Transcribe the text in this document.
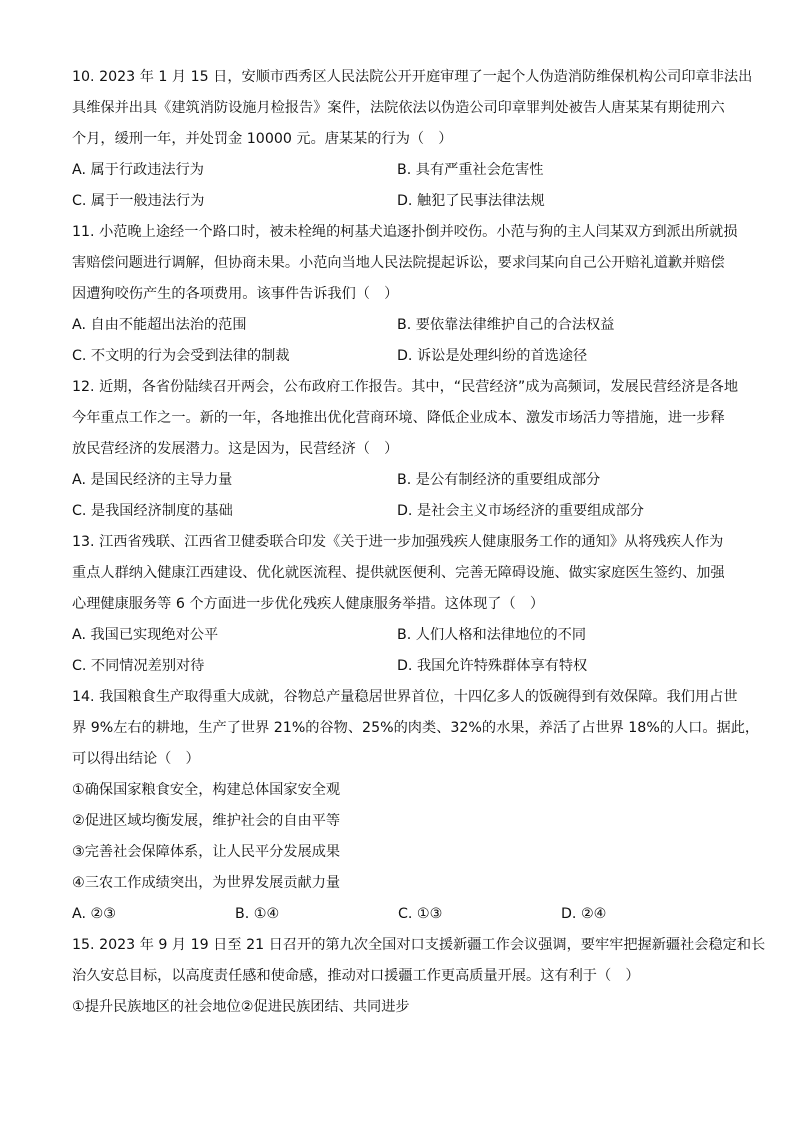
10. 2023 年 1 月 15 日，安顺市西秀区人民法院公开开庭审理了一起个人伪造消防维保机构公司印章非法出
具维保并出具《建筑消防设施月检报告》案件，法院依法以伪造公司印章罪判处被告人唐某某有期徒刑六
个月，缓刑一年，并处罚金 10000 元。唐某某的行为（　）
A. 属于行政违法行为	B. 具有严重社会危害性
C. 属于一般违法行为	D. 触犯了民事法律法规
11. 小范晚上途经一个路口时，被未栓绳的柯基犬追逐扑倒并咬伤。小范与狗的主人闫某双方到派出所就损
害赔偿问题进行调解，但协商未果。小范向当地人民法院提起诉讼，要求闫某向自己公开赔礼道歉并赔偿
因遭狗咬伤产生的各项费用。该事件告诉我们（　）
A. 自由不能超出法治的范围	B. 要依靠法律维护自己的合法权益
C. 不文明的行为会受到法律的制裁	D. 诉讼是处理纠纷的首选途径
12. 近期，各省份陆续召开两会，公布政府工作报告。其中，“民营经济”成为高频词，发展民营经济是各地
今年重点工作之一。新的一年，各地推出优化营商环境、降低企业成本、激发市场活力等措施，进一步释
放民营经济的发展潜力。这是因为，民营经济（　）
A. 是国民经济的主导力量	B. 是公有制经济的重要组成部分
C. 是我国经济制度的基础	D. 是社会主义市场经济的重要组成部分
13. 江西省残联、江西省卫健委联合印发《关于进一步加强残疾人健康服务工作的通知》从将残疾人作为
重点人群纳入健康江西建设、优化就医流程、提供就医便利、完善无障碍设施、做实家庭医生签约、加强
心理健康服务等 6 个方面进一步优化残疾人健康服务举措。这体现了（　）
A. 我国已实现绝对公平	B. 人们人格和法律地位的不同
C. 不同情况差别对待	D. 我国允许特殊群体享有特权
14. 我国粮食生产取得重大成就，谷物总产量稳居世界首位，十四亿多人的饭碗得到有效保障。我们用占世
界 9%左右的耕地，生产了世界 21%的谷物、25%的肉类、32%的水果，养活了占世界 18%的人口。据此，
可以得出结论（　）
①确保国家粮食安全，构建总体国家安全观
②促进区域均衡发展，维护社会的自由平等
③完善社会保障体系，让人民平分发展成果
④三农工作成绩突出，为世界发展贡献力量
A. ②③	B. ①④	C. ①③	D. ②④
15. 2023 年 9 月 19 日至 21 日召开的第九次全国对口支援新疆工作会议强调，要牢牢把握新疆社会稳定和长
治久安总目标，以高度责任感和使命感，推动对口援疆工作更高质量开展。这有利于（　）
①提升民族地区的社会地位②促进民族团结、共同进步
